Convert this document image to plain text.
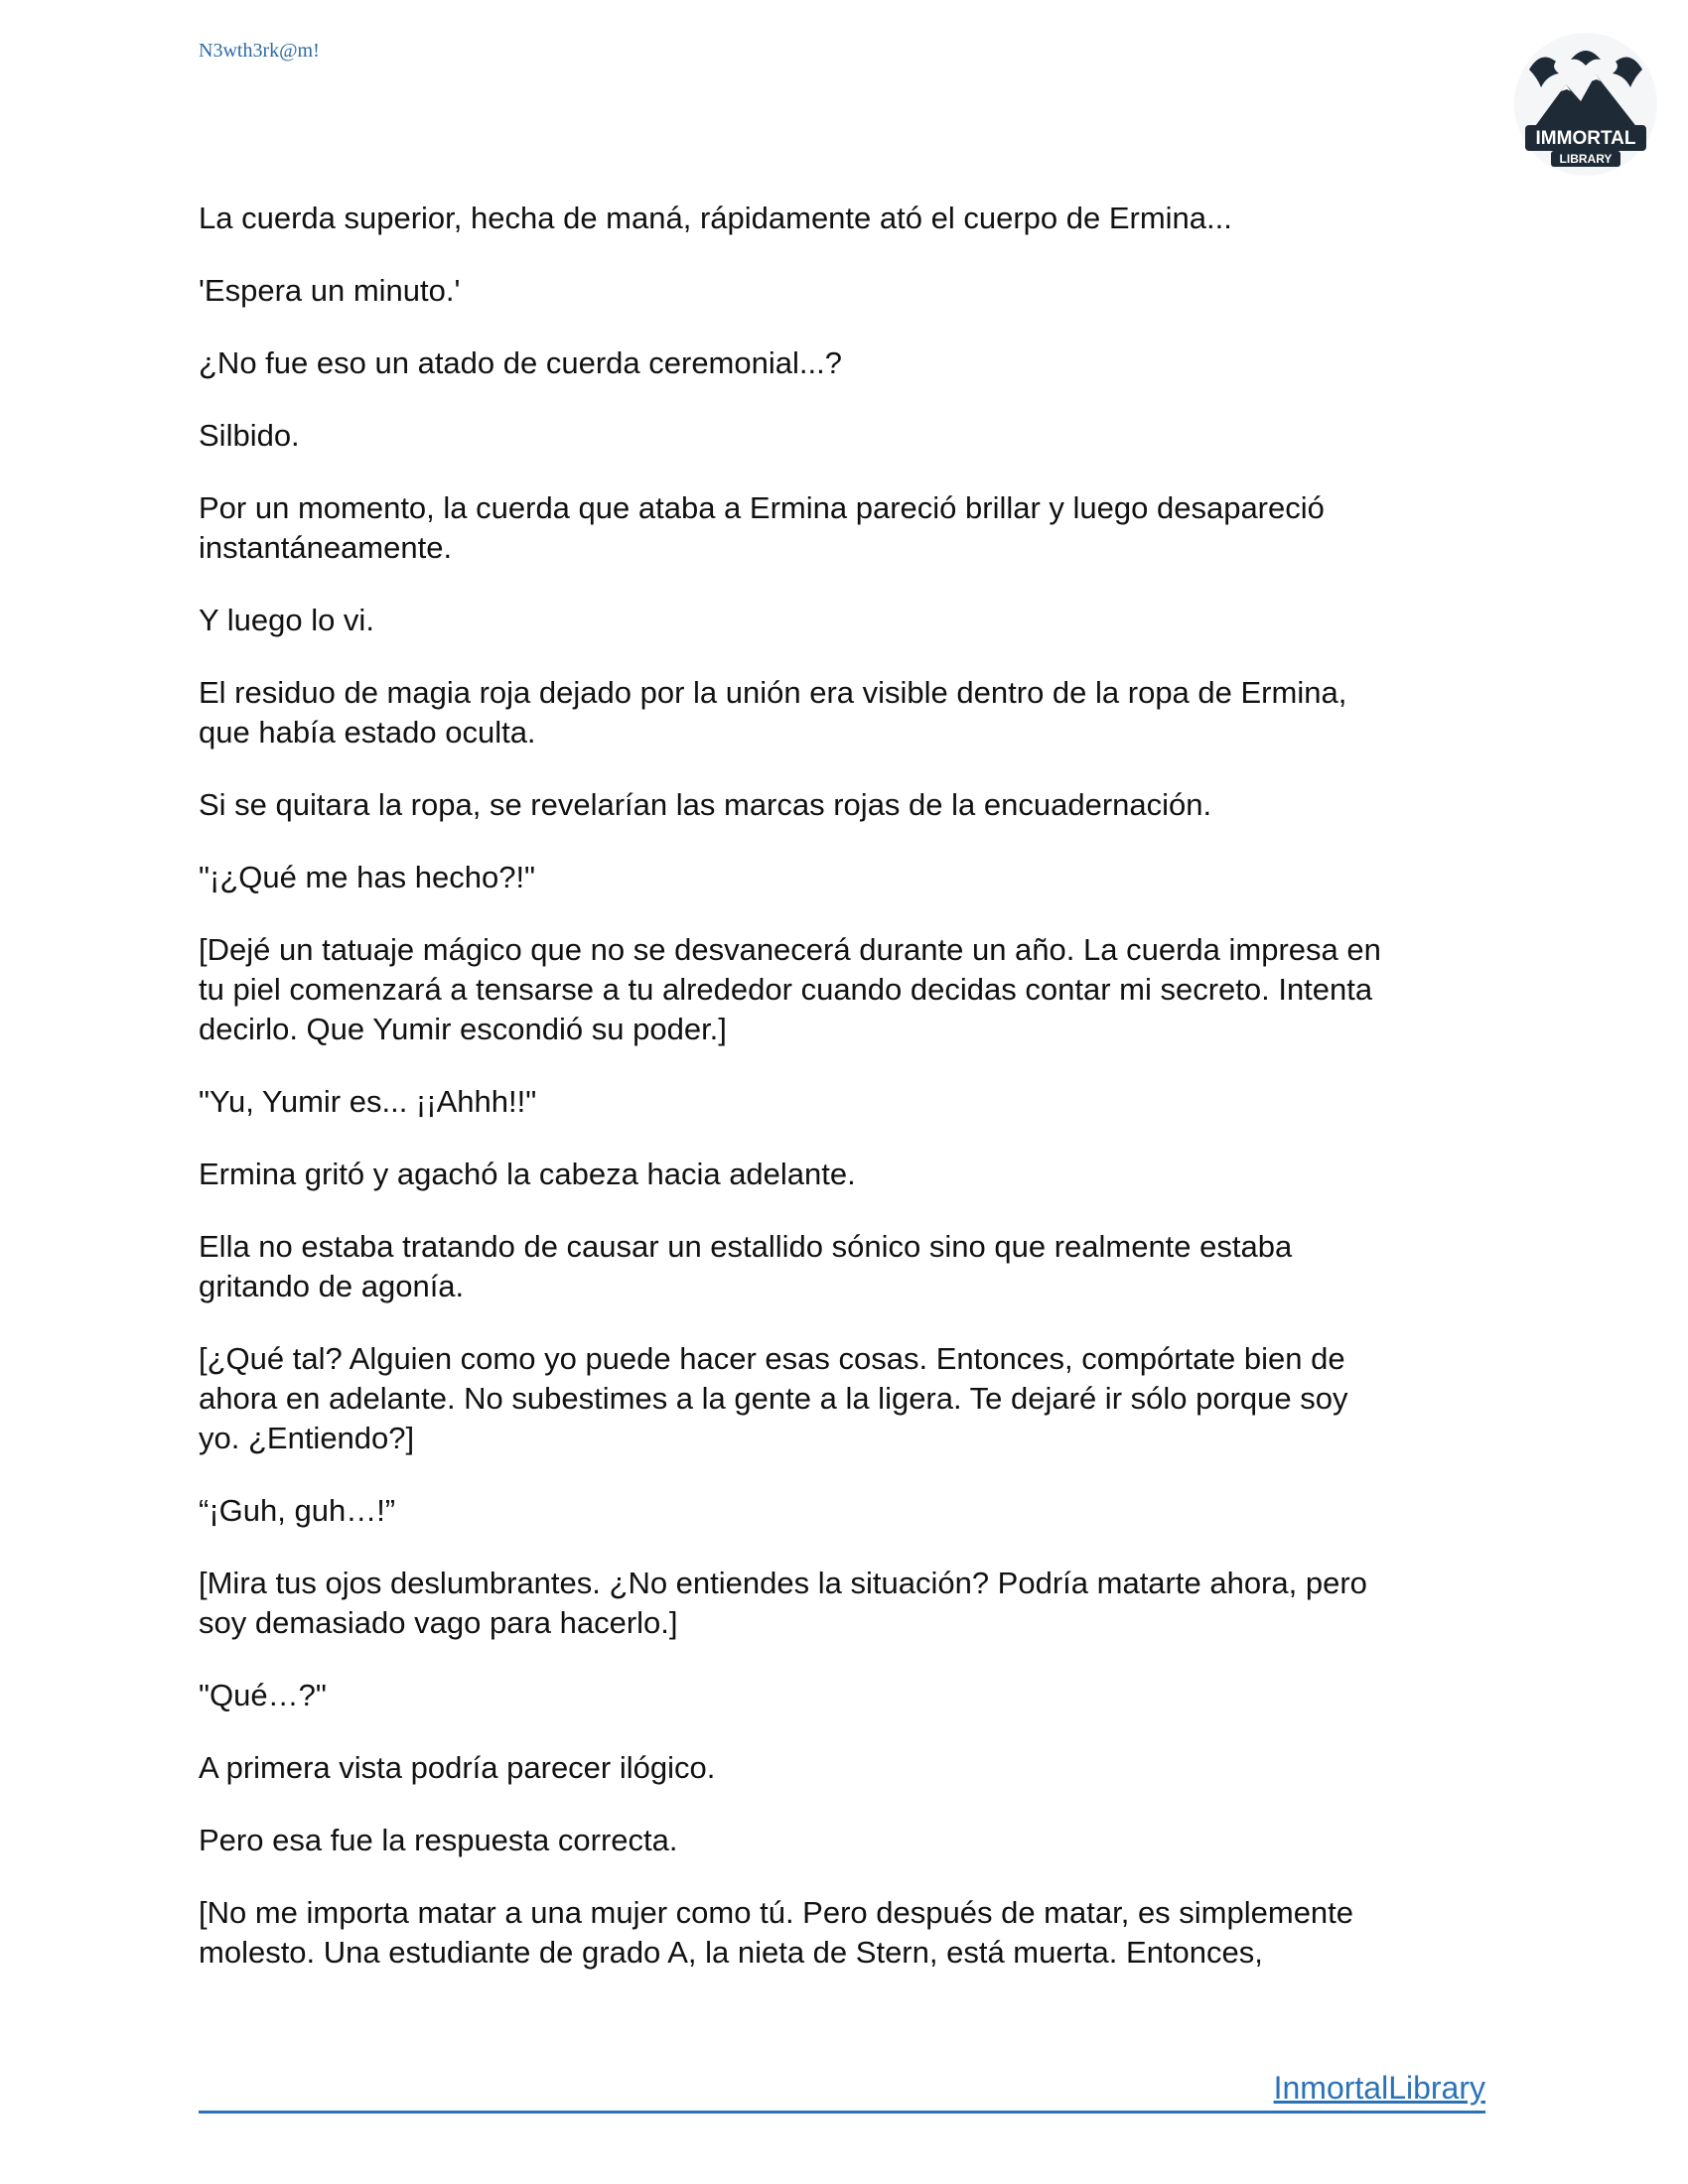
N3wth3rk@m!
IMMORTAL
LIBRARY

La cuerda superior, hecha de maná, rápidamente ató el cuerpo de Ermina...

'Espera un minuto.'

¿No fue eso un atado de cuerda ceremonial...?

Silbido.

Por un momento, la cuerda que ataba a Ermina pareció brillar y luego desapareció
instantáneamente.

Y luego lo vi.

El residuo de magia roja dejado por la unión era visible dentro de la ropa de Ermina,
que había estado oculta.

Si se quitara la ropa, se revelarían las marcas rojas de la encuadernación.

"¡¿Qué me has hecho?!"

[Dejé un tatuaje mágico que no se desvanecerá durante un año. La cuerda impresa en
tu piel comenzará a tensarse a tu alrededor cuando decidas contar mi secreto. Intenta
decirlo. Que Yumir escondió su poder.]

"Yu, Yumir es... ¡¡Ahhh!!"

Ermina gritó y agachó la cabeza hacia adelante.

Ella no estaba tratando de causar un estallido sónico sino que realmente estaba
gritando de agonía.

[¿Qué tal? Alguien como yo puede hacer esas cosas. Entonces, compórtate bien de
ahora en adelante. No subestimes a la gente a la ligera. Te dejaré ir sólo porque soy
yo. ¿Entiendo?]

“¡Guh, guh…!”

[Mira tus ojos deslumbrantes. ¿No entiendes la situación? Podría matarte ahora, pero
soy demasiado vago para hacerlo.]

"Qué…?"

A primera vista podría parecer ilógico.

Pero esa fue la respuesta correcta.

[No me importa matar a una mujer como tú. Pero después de matar, es simplemente
molesto. Una estudiante de grado A, la nieta de Stern, está muerta. Entonces,

InmortalLibrary
